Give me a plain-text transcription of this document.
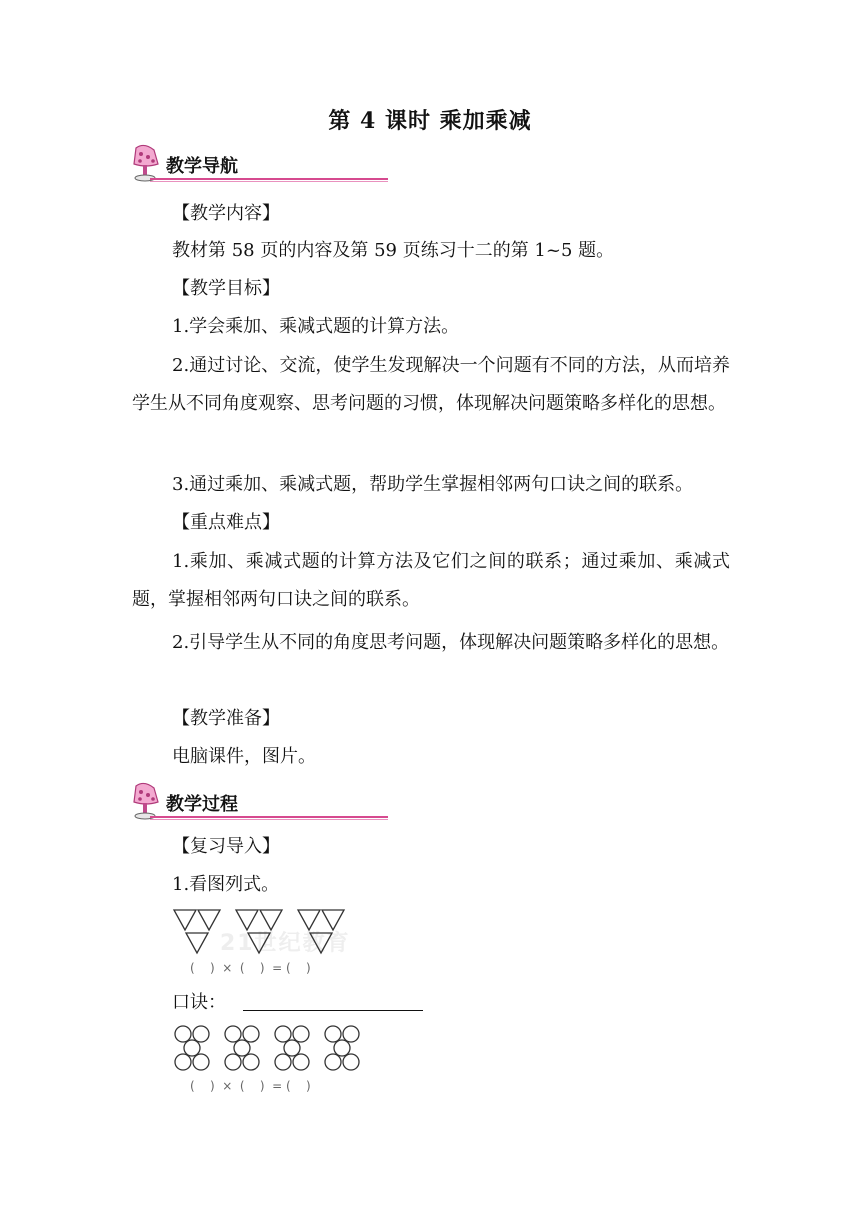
第 4 课时 乘加乘减
教学导航
【教学内容】
教材第 58 页的内容及第 59 页练习十二的第 1~5 题。
【教学目标】
1.学会乘加、乘减式题的计算方法。
2.通过讨论、交流，使学生发现解决一个问题有不同的方法，从而培养学生从不同角度观察、思考问题的习惯，体现解决问题策略多样化的思想。
3.通过乘加、乘减式题，帮助学生掌握相邻两句口诀之间的联系。
【重点难点】
1.乘加、乘减式题的计算方法及它们之间的联系；通过乘加、乘减式题，掌握相邻两句口诀之间的联系。
2.引导学生从不同的角度思考问题，体现解决问题策略多样化的思想。
【教学准备】
电脑课件，图片。
教学过程
【复习导入】
1.看图列式。
21世纪教育
(    )  ×  (    )  = (    )
口诀：
(    )  ×  (    )  = (    )
